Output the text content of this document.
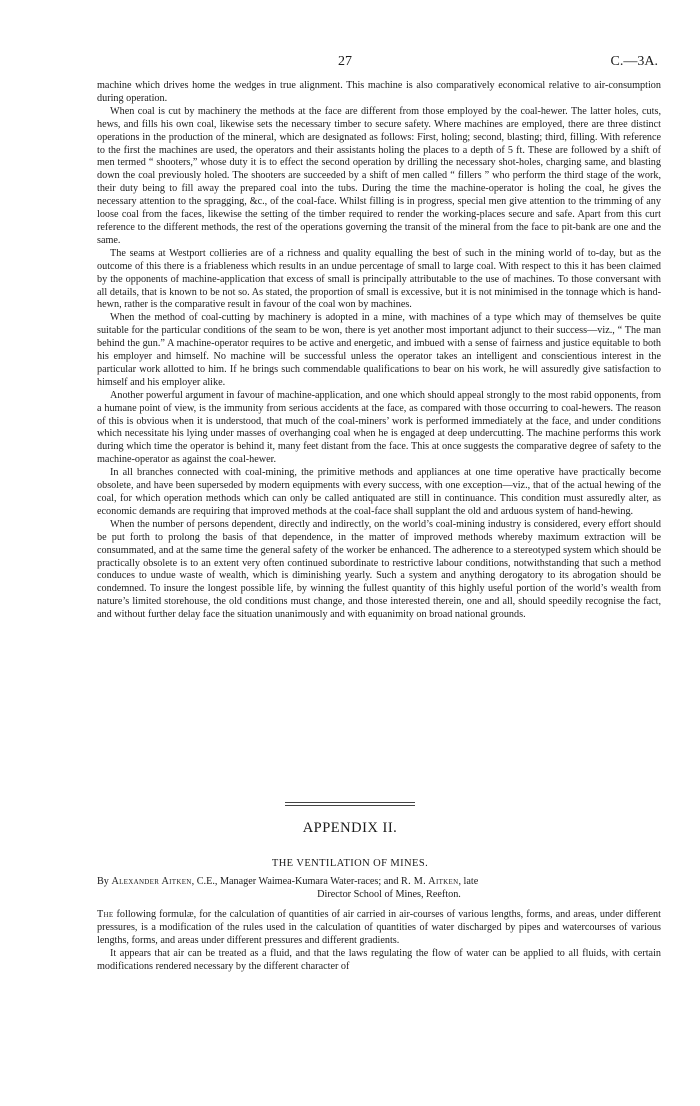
27	C.—3A.

machine which drives home the wedges in true alignment. This machine is also comparatively economical relative to air-consumption during operation.

When coal is cut by machinery the methods at the face are different from those employed by the coal-hewer. The latter holes, cuts, hews, and fills his own coal, likewise sets the necessary timber to secure safety. Where machines are employed, there are three distinct operations in the production of the mineral, which are designated as follows: First, holing; second, blasting; third, filling. With reference to the first the machines are used, the operators and their assistants holing the places to a depth of 5 ft. These are followed by a shift of men termed “ shooters,” whose duty it is to effect the second operation by drilling the necessary shot-holes, charging same, and blasting down the coal previously holed. The shooters are succeeded by a shift of men called “ fillers ” who perform the third stage of the work, their duty being to fill away the prepared coal into the tubs. During the time the machine-operator is holing the coal, he gives the necessary attention to the spragging, &c., of the coal-face. Whilst filling is in progress, special men give attention to the trimming of any loose coal from the faces, likewise the setting of the timber required to render the working-places secure and safe. Apart from this curt reference to the different methods, the rest of the operations governing the transit of the mineral from the face to pit-bank are one and the same.

The seams at Westport collieries are of a richness and quality equalling the best of such in the mining world of to-day, but as the outcome of this there is a friableness which results in an undue percentage of small to large coal. With respect to this it has been claimed by the opponents of machine-application that excess of small is principally attributable to the use of machines. To those conversant with all details, that is known to be not so. As stated, the proportion of small is excessive, but it is not minimised in the tonnage which is hand-hewn, rather is the comparative result in favour of the coal won by machines.

When the method of coal-cutting by machinery is adopted in a mine, with machines of a type which may of themselves be quite suitable for the particular conditions of the seam to be won, there is yet another most important adjunct to their success—viz., “ The man behind the gun.” A machine-operator requires to be active and energetic, and imbued with a sense of fairness and justice equitable to both his employer and himself. No machine will be successful unless the operator takes an intelligent and conscientious interest in the particular work allotted to him. If he brings such commendable qualifications to bear on his work, he will assuredly give satisfaction to himself and his employer alike.

Another powerful argument in favour of machine-application, and one which should appeal strongly to the most rabid opponents, from a humane point of view, is the immunity from serious accidents at the face, as compared with those occurring to coal-hewers. The reason of this is obvious when it is understood, that much of the coal-miners’ work is performed immediately at the face, and under conditions which necessitate his lying under masses of overhanging coal when he is engaged at deep undercutting. The machine performs this work during which time the operator is behind it, many feet distant from the face. This at once suggests the comparative degree of safety to the machine-operator as against the coal-hewer.

In all branches connected with coal-mining, the primitive methods and appliances at one time operative have practically become obsolete, and have been superseded by modern equipments with every success, with one exception—viz., that of the actual hewing of the coal, for which operation methods which can only be called antiquated are still in continuance. This condition must assuredly alter, as economic demands are requiring that improved methods at the coal-face shall supplant the old and arduous system of hand-hewing.

When the number of persons dependent, directly and indirectly, on the world’s coal-mining industry is considered, every effort should be put forth to prolong the basis of that dependence, in the matter of improved methods whereby maximum extraction will be consummated, and at the same time the general safety of the worker be enhanced. The adherence to a stereotyped system which should be practically obsolete is to an extent very often continued subordinate to restrictive labour conditions, notwithstanding that such a method conduces to undue waste of wealth, which is diminishing yearly. Such a system and anything derogatory to its abrogation should be condemned. To insure the longest possible life, by winning the fullest quantity of this highly useful portion of the world’s wealth from nature’s limited storehouse, the old conditions must change, and those interested therein, one and all, should speedily recognise the fact, and without further delay face the situation unanimously and with equanimity on broad national grounds.

APPENDIX II.
THE VENTILATION OF MINES.
By Alexander Aitken, C.E., Manager Waimea-Kumara Water-races; and R. M. Aitken, late
Director School of Mines, Reefton.

The following formulæ, for the calculation of quantities of air carried in air-courses of various lengths, forms, and areas, under different pressures, is a modification of the rules used in the calculation of quantities of water discharged by pipes and watercourses of various lengths, forms, and areas under different pressures and different gradients.

It appears that air can be treated as a fluid, and that the laws regulating the flow of water can be applied to all fluids, with certain modifications rendered necessary by the different character of
